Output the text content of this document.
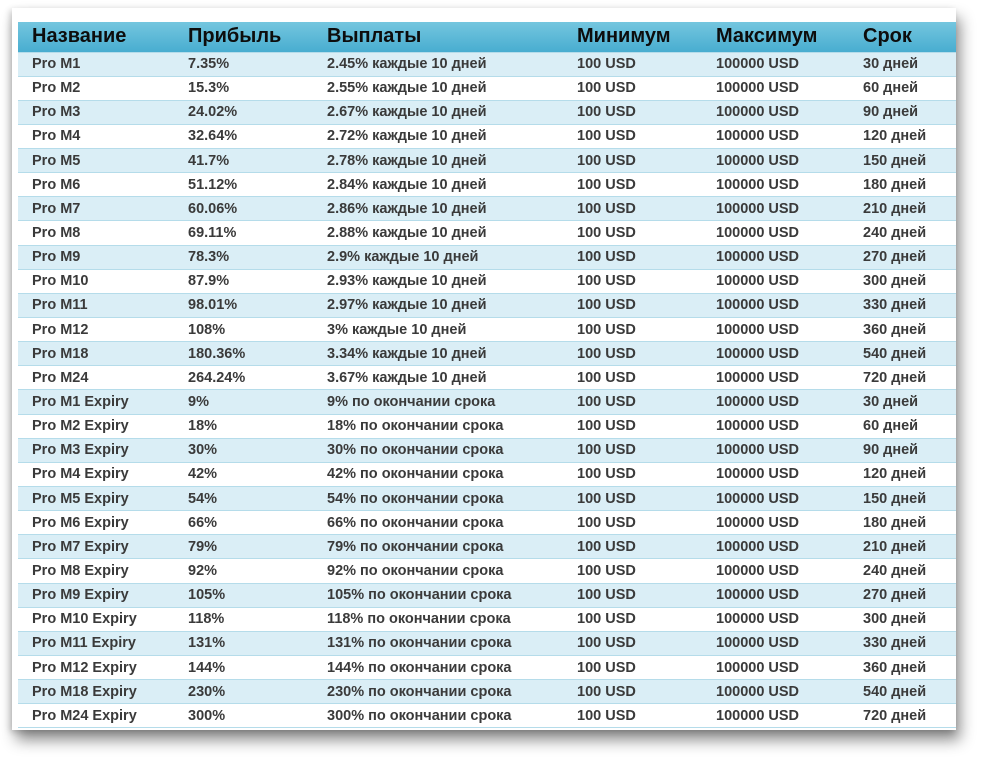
Название	Прибыль	Выплаты	Минимум	Максимум	Срок
Pro M1	7.35%	2.45% каждые 10 дней	100 USD	100000 USD	30 дней
Pro M2	15.3%	2.55% каждые 10 дней	100 USD	100000 USD	60 дней
Pro M3	24.02%	2.67% каждые 10 дней	100 USD	100000 USD	90 дней
Pro M4	32.64%	2.72% каждые 10 дней	100 USD	100000 USD	120 дней
Pro M5	41.7%	2.78% каждые 10 дней	100 USD	100000 USD	150 дней
Pro M6	51.12%	2.84% каждые 10 дней	100 USD	100000 USD	180 дней
Pro M7	60.06%	2.86% каждые 10 дней	100 USD	100000 USD	210 дней
Pro M8	69.11%	2.88% каждые 10 дней	100 USD	100000 USD	240 дней
Pro M9	78.3%	2.9% каждые 10 дней	100 USD	100000 USD	270 дней
Pro M10	87.9%	2.93% каждые 10 дней	100 USD	100000 USD	300 дней
Pro M11	98.01%	2.97% каждые 10 дней	100 USD	100000 USD	330 дней
Pro M12	108%	3% каждые 10 дней	100 USD	100000 USD	360 дней
Pro M18	180.36%	3.34% каждые 10 дней	100 USD	100000 USD	540 дней
Pro M24	264.24%	3.67% каждые 10 дней	100 USD	100000 USD	720 дней
Pro M1 Expiry	9%	9% по окончании срока	100 USD	100000 USD	30 дней
Pro M2 Expiry	18%	18% по окончании срока	100 USD	100000 USD	60 дней
Pro M3 Expiry	30%	30% по окончании срока	100 USD	100000 USD	90 дней
Pro M4 Expiry	42%	42% по окончании срока	100 USD	100000 USD	120 дней
Pro M5 Expiry	54%	54% по окончании срока	100 USD	100000 USD	150 дней
Pro M6 Expiry	66%	66% по окончании срока	100 USD	100000 USD	180 дней
Pro M7 Expiry	79%	79% по окончании срока	100 USD	100000 USD	210 дней
Pro M8 Expiry	92%	92% по окончании срока	100 USD	100000 USD	240 дней
Pro M9 Expiry	105%	105% по окончании срока	100 USD	100000 USD	270 дней
Pro M10 Expiry	118%	118% по окончании срока	100 USD	100000 USD	300 дней
Pro M11 Expiry	131%	131% по окончании срока	100 USD	100000 USD	330 дней
Pro M12 Expiry	144%	144% по окончании срока	100 USD	100000 USD	360 дней
Pro M18 Expiry	230%	230% по окончании срока	100 USD	100000 USD	540 дней
Pro M24 Expiry	300%	300% по окончании срока	100 USD	100000 USD	720 дней
